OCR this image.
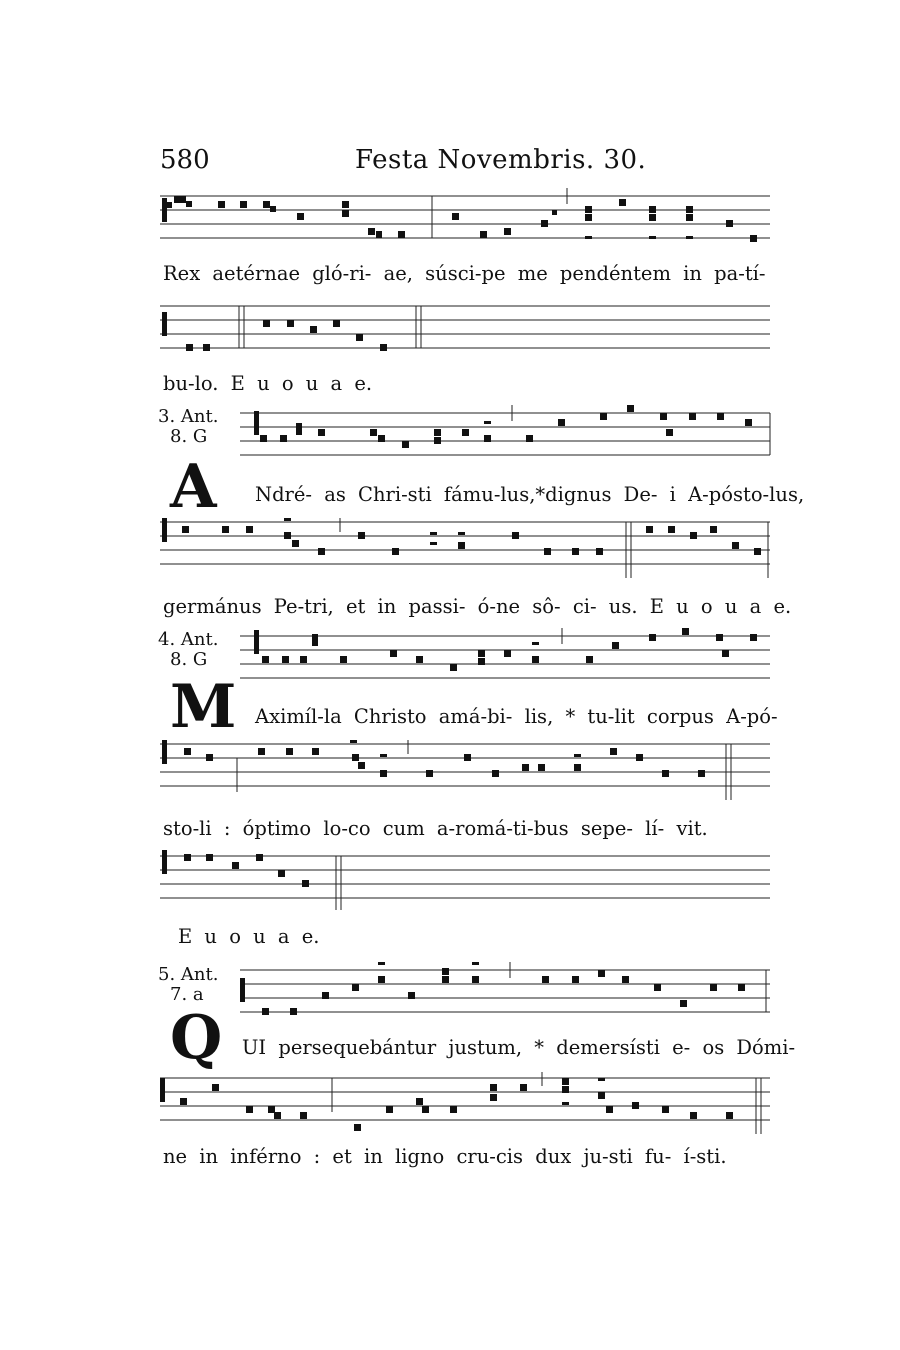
580	Festa Novembris. 30.
Rex aetérnae gló-ri- ae, súsci-pe me pendéntem in pa-tí-
bu-lo. E u o u a e.
3. Ant.
8. G
A Ndré- as Chri-sti fámu-lus,*dignus De- i A-pósto-lus,
germánus Pe-tri, et in passi- ó-ne sô- ci- us. E u o u a e.
4. Ant.
8. G
M Aximíl-la Christo amá-bi- lis, * tu-lit corpus A-pó-
sto-li : óptimo lo-co cum a-romá-ti-bus sepe- lí- vit.
E u o u a e.
5. Ant.
7. a
Q UI persequebántur justum, * demersísti e- os Dómi-
ne in inférno : et in ligno cru-cis dux ju-sti fu- í-sti.
